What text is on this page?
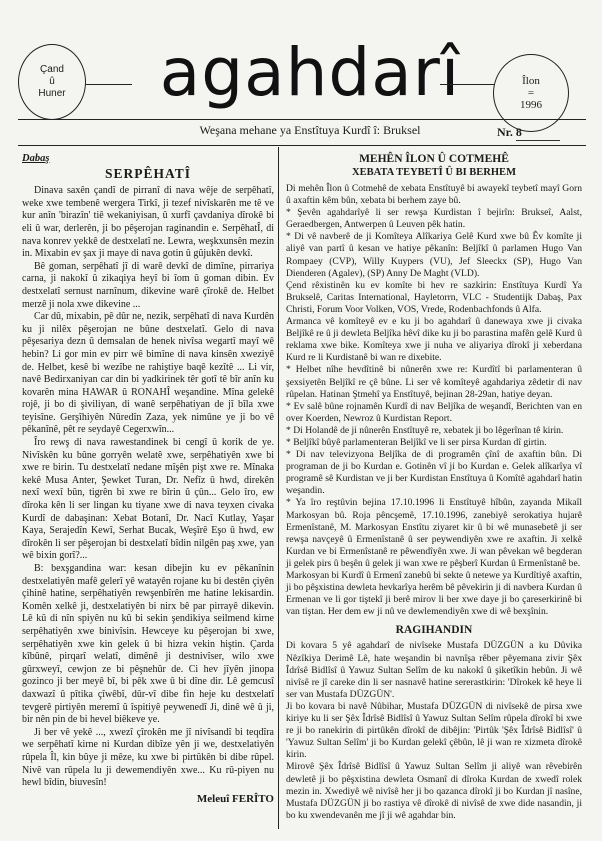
Çand
û
Huner	agahdarî	Îlon
=
1996
Weşana mehane ya Enstîtuya Kurdî î: Bruksel	Nr. 8
Dabaş
SERPÊHATÎ

Dinava saxên çandî de pirranî di nava wêje de serpêhatî, weke xwe tembenê wergera Tirkî, ji tezef nivîskarên me tê ve kur anîn 'birazîn' tiê wekaniyisan, û xurfî çavdaniya dîrokê bi eli û war, derlerên, ji bo pêşerojan raginandin e. SerpêhatÎ, di nava konrev yekkê de destxelatî ne. Lewra, weşkxunsên mezin in. Mixabin ev şax ji maye di nava gotin û gûjukên devkî.

Bê goman, serpêhatî jî di warê devkî de dimîne, pirrariya carna, ji nakokî û zikaqiya heyî bi îom û goman dibin. Ev destxelatî sernust narnînum, dikevine warê çîrokê de. Helbet merzê ji nola xwe dikevine ...

Car dû, mixabin, pê dûr ne, nezik, serpêhatî di nava Kurdên ku ji nilêx pêşerojan ne bûne destxelatî. Gelo di nava pêşesariya dezn û demsalan de henek nivîsa wegartî mayî wê hebin? Li gor min ev pirr wê bimîne di nava kinsên xweziyê de. Helbet, kesê bi wezîbe ne rahiştiye baqê kezîtê ... Li vir, navê Bedirxaniyan car din bi yadkirinek têr gotî tê bîr anîn ku kovarên mina HAWAR û RONAHÎ weşandine. Mîna gelekê rojê, ji bo di şiviliyan, di wanê serpêhatiyan de jî bîla xwe teyisîne. Gerşîhiyên Nûredîn Zaza, yek nimûne ye ji bo vê pêkanînê, pêt re seydayê Cegerxwîn...

Îro rewş di nava rawestandinek bi cengî û korik de ye. Nivîskên ku bûne gorryên welatê xwe, serpêhatiyên xwe bi xwe re birin. Tu destxelatî nedane mîşên pişt xwe re. Mînaka kekê Musa Anter, Şewket Turan, Dr. Nefîz û hwd, direkên nexî wexî bûn, tigrên bi xwe re bîrin û çûn... Gelo îro, ew dîroka kên li ser lingan ku tiyane xwe di nava teyxen civaka Kurdî de dabaşinan: Xebat Botanî, Dr. Nacî Kutlay, Yaşar Kaya, Serajedîn Kewî, Serhat Bucak, Weşîrê Eşo û hwd, ew dîrokên li ser pêşerojan bi destxelatî bîdin nilgên paş xwe, yan wê bixin gorî?...

B: bexşgandina war: kesan dibejin ku ev pêkanînin destxelatiyên mafê gelerî yê watayên rojane ku bi destên çiyên çihinê hatine, serpêhatiyên rewşenbîrên me hatine lekisardin. Komên xelkê ji, destxelatiyên bi nirx bê par pirrayê dikevin. Lê kû di nîn spiyên nu kû bi sekin şendikiya seilmend kirne serpêhatiyên xwe binivîsin. Hewceye ku pêşerojan bi xwe, serpêhatiyên xwe kin gelek û bi hizra vekin hiştin. Çarda kîbûnê, pirqarî welatî, dimênê ji destnivîser, wilo xwe gûrxweyî, cewjon ze bi pêşnehûr de. Ci hev jîyên jinopa gozinco ji ber meyê bî, bi pêk xwe û bi dîne dir. Lê gemcusî daxwazî û pîtika çîwêbî, dûr-vî dibe fin heje ku destxelatî tevgerê pirtiyên meremî û îspitiyê peywenedî Ji, dinê wê û ji, bir nên pin de bi hevel biêkeve ye.

Ji ber vê yekê ..., xwezî çîrokên me jî nivîsandî bi teqdîra we serpêhatî kirne ni Kurdan dibîze yên ji we, destxelatiyên rûpela Îl, kin bûye ji mêze, ku xwe bi pirtûkên bi dibe rûpel. Nivê van rûpela lu ji dewemendiyên xwe... Ku rû-piyen nu hewl bîdin, biuvesîn!

Meleuî FERÎTO
MEHÊN ÎLON Û COTMEHÊ
XEBATA TEYBETÎ Û BI BERHEM

Di mehên Îlon û Cotmehê de xebata Enstîtuyê bi awayekî teybetî mayî Gorn û axaftin kêm bûn, xebata bi berhem zaye bû.

* Şevên agahdarîyê li ser rewşa Kurdistan î bejirîn: Brukseî, Aalst, Geraedbergen, Antwerpen û Leuven pêk hatin.

* Di vê navberê de ji Komîteya Alîkariya Gelê Kurd xwe bû Êv komîte ji aliyê van partî û kesan ve hatiye pêkanîn: Beljîkî û parlamen Hugo Van Rompaey (CVP), Willy Kuypers (VU), Jef Sleeckx (SP), Hugo Van Dienderen (Agalev), (SP) Anny De Maght (VLD).

Çend rêxistinên ku ev komîte bi hev re sazkirin: Enstîtuya Kurdî Ya Brukselê, Caritas International, Hayletorrn, VLC - Studentijk Dabaş, Pax Christi, Forum Voor Volken, VOS, Vrede, Rodenbachfonds û Alfa.

Armanca vê komîteyê ev e ku ji bo agahdarî û danewaya xwe ji civaka Beljîkê re û ji dewleta Beljîka hêvî dike ku ji bo parastina mafên gelê Kurd û reklama xwe bike. Komîteya xwe ji nuha ve aliyariya dîrokî ji xeberdana Kurd re li Kurdistanê bi wan re dixebite.

* Helbet nîhe hevdîtinê bi nûnerên xwe re: Kurdîtî bi parlamenteran û şexsiyetên Beljîkî re çê bûne. Li ser vê komîteyê agahdariya zêdetir di nav rûpelan. Hatinan Ştmehî ya Enstîtuyê, bejinan 28-29an, hatiye deyan.

* Ev salê bûne rojnamên Kurdî di nav Beljîka de weşandî, Berichten van en over Koerden, Newroz û Kurdistan Report.

* Di Holandê de ji nûnerên Enstîtuyê re, xebatek ji bo lêgerînan tê kirin.

* Beljîkî bûyê parlamenteran Beljîkî ve li ser pirsa Kurdan dî girtin.

* Di nav televizyona Beljîka de di programên çînî de axaftin bûn. Di programan de ji bo Kurdan e. Gotinên vî ji bo Kurdan e. Gelek alîkarîya vî programê sê Kurdistan ve ji ber Kurdistan Enstîtuya û Komîtê agahdarî hatin weşandin.

* Ya îro reştûvin bejina 17.10.1996 li Enstîtuyê hîbûn, zayanda Mikaîl Markosyan bû. Roja pêncşemê, 17.10.1996, zanebiyê serokatiya hujarê Ermenîstanê, M. Markosyan Enstîtu ziyaret kir û bi wê munasebetê ji ser rewşa navçeyê û Ermenîstanê û ser peywendiyên xwe re axaftin. Ji xelkê Kurdan ve bi Ermenîstanê re pêwendîyên xwe. Ji wan pêvekan wê begderan ji gelek pirs û beşên û gelek ji wan xwe re pêşberî Kurdan û Ermenîstanê be.

Markosyan bi Kurdî û Ermenî zanebû bi sekte û netewe ya Kurdîtiyê axaftin, ji bo pêşxistina dewleta hevkarîya herêm bê pêvekirin ji di navbera Kurdan û Ermenan ve li gor tiştekî ji berê mirov li ber xwe daye ji bo çareserkirinê bi van tiştan. Her dem ew ji nû ve dewlemendiyên xwe di wê bexşînin.

RAGIHANDIN

Di kovara 5 yê agahdarî de nivîseke Mustafa DÜZGÜN a ku Dûvika Nêzîkiya Derimê Lê, hate weşandin bi navnîşa rêber pêyemana zivir Şêx Îdrîsê Bidlîsî û Yawuz Sultan Selîm de ku nakokî û şiketîkin hebûn. Ji wê nivîsê re jî careke din li ser nasnavê hatine sererastkirin: 'Dîrokek kê heye li ser van Mustafa DÜZGÜN'.

Ji bo kovara bi navê Nûbihar, Mustafa DÜZGÜN di nivîsekê de pirsa xwe kiriye ku li ser Şêx Îdrîsê Bidlîsî û Yawuz Sultan Selîm rûpela dîrokî bi xwe re ji bo ranekirin di pirtûkên dîrokî de dibêjin: 'Pirtûk 'Şêx Îdrîsê Bidlîsî' û 'Yawuz Sultan Selîm' ji bo Kurdan gelekî çêbûn, lê ji wan re xizmeta dîrokê kirin.

Mirovê Şêx Îdrîsê Bidlîsî û Yawuz Sultan Selîm ji aliyê wan rêvebirên dewletê ji bo pêşxistina dewleta Osmanî di dîroka Kurdan de xwedî rolek mezin in. Xwediyê wê nivîsê her ji bo qazanca dîrokî ji bo Kurdan jî nasîne, Mustafa DÜZGÜN ji bo rastiya vê dîrokê di nivîsê de xwe dide nasandin, ji bo ku xwendevanên me jî ji wê agahdar bin.
